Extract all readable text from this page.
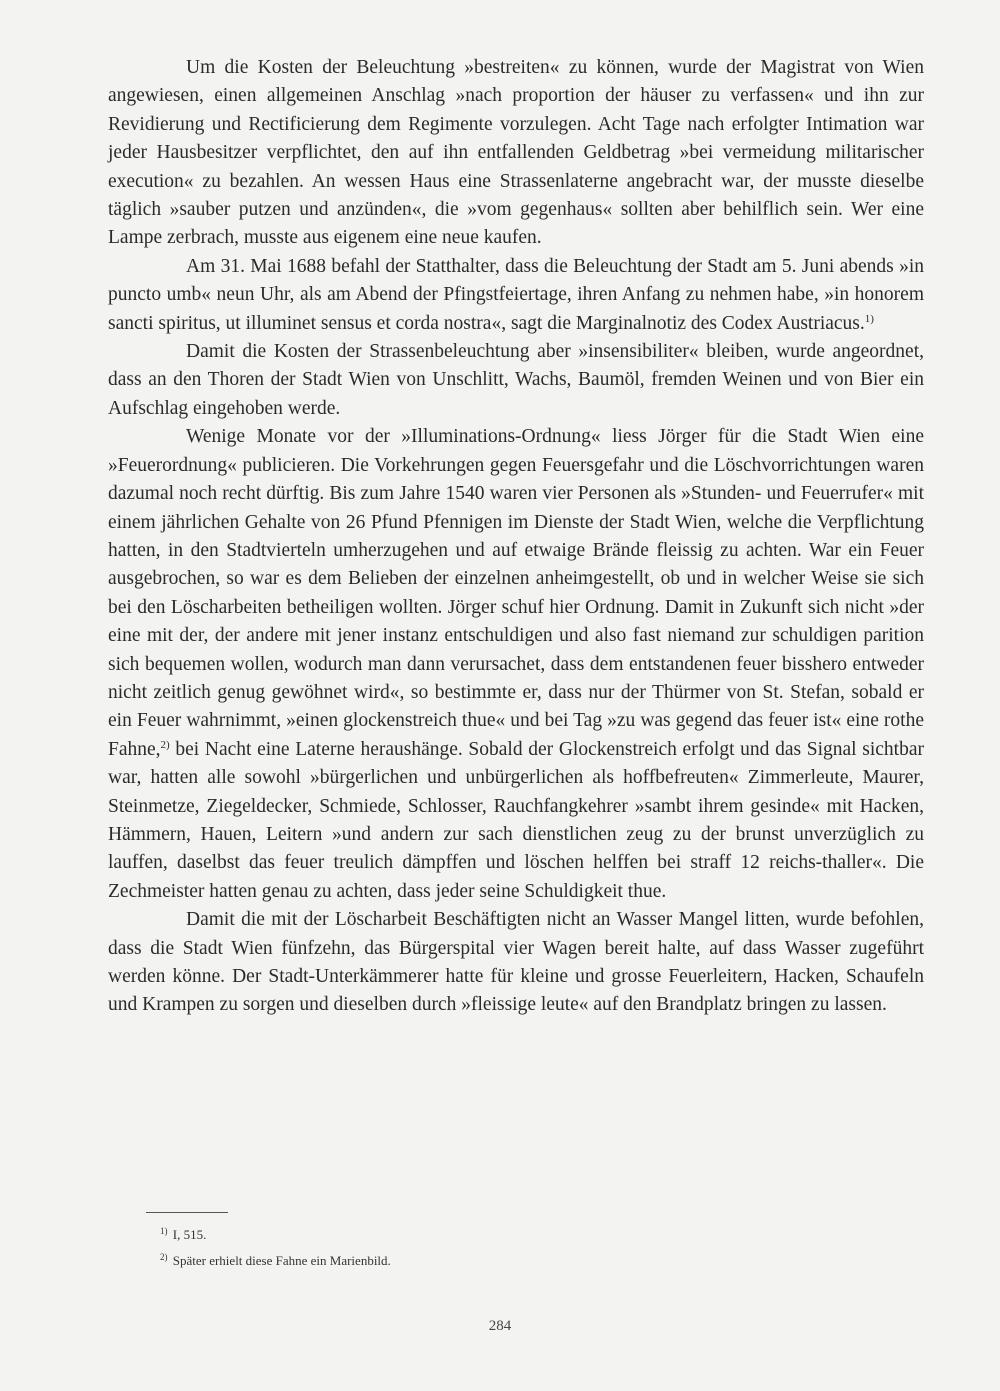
Um die Kosten der Beleuchtung »bestreiten« zu können, wurde der Magistrat von Wien angewiesen, einen allgemeinen Anschlag »nach proportion der häuser zu verfassen« und ihn zur Revidierung und Rectificierung dem Regimente vorzulegen. Acht Tage nach erfolgter Intimation war jeder Hausbesitzer verpflichtet, den auf ihn entfallenden Geldbetrag »bei vermeidung militarischer execution« zu bezahlen. An wessen Haus eine Strassenlaterne angebracht war, der musste dieselbe täglich »sauber putzen und anzünden«, die »vom gegenhaus« sollten aber behilflich sein. Wer eine Lampe zerbrach, musste aus eigenem eine neue kaufen.

Am 31. Mai 1688 befahl der Statthalter, dass die Beleuchtung der Stadt am 5. Juni abends »in puncto umb« neun Uhr, als am Abend der Pfingstfeiertage, ihren Anfang zu nehmen habe, »in honorem sancti spiritus, ut illuminet sensus et corda nostra«, sagt die Marginalnotiz des Codex Austriacus.$^{1)}$

Damit die Kosten der Strassenbeleuchtung aber »insensibiliter« bleiben, wurde angeordnet, dass an den Thoren der Stadt Wien von Unschlitt, Wachs, Baumöl, fremden Weinen und von Bier ein Aufschlag eingehoben werde.

Wenige Monate vor der »Illuminations-Ordnung« liess Jörger für die Stadt Wien eine »Feuerordnung« publicieren. Die Vorkehrungen gegen Feuersgefahr und die Löschvorrichtungen waren dazumal noch recht dürftig. Bis zum Jahre 1540 waren vier Personen als »Stunden- und Feuerrufer« mit einem jährlichen Gehalte von 26 Pfund Pfennigen im Dienste der Stadt Wien, welche die Verpflichtung hatten, in den Stadtvierteln umherzugehen und auf etwaige Brände fleissig zu achten. War ein Feuer ausgebrochen, so war es dem Belieben der einzelnen anheimgestellt, ob und in welcher Weise sie sich bei den Löscharbeiten betheiligen wollten. Jörger schuf hier Ordnung. Damit in Zukunft sich nicht »der eine mit der, der andere mit jener instanz entschuldigen und also fast niemand zur schuldigen parition sich bequemen wollen, wodurch man dann verursachet, dass dem entstandenen feuer bisshero entweder nicht zeitlich genug gewöhnet wird«, so bestimmte er, dass nur der Thürmer von St. Stefan, sobald er ein Feuer wahrnimmt, »einen glockenstreich thue« und bei Tag »zu was gegend das feuer ist« eine rothe Fahne,$^{2)}$ bei Nacht eine Laterne heraushänge. Sobald der Glockenstreich erfolgt und das Signal sichtbar war, hatten alle sowohl »bürgerlichen und unbürgerlichen als hoffbefreuten« Zimmerleute, Maurer, Steinmetze, Ziegeldecker, Schmiede, Schlosser, Rauchfangkehrer »sambt ihrem gesinde« mit Hacken, Hämmern, Hauen, Leitern »und andern zur sach dienstlichen zeug zu der brunst unverzüglich zu lauffen, daselbst das feuer treulich dämpffen und löschen helffen bei straff 12 reichs-thaller«. Die Zechmeister hatten genau zu achten, dass jeder seine Schuldigkeit thue.

Damit die mit der Löscharbeit Beschäftigten nicht an Wasser Mangel litten, wurde befohlen, dass die Stadt Wien fünfzehn, das Bürgerspital vier Wagen bereit halte, auf dass Wasser zugeführt werden könne. Der Stadt-Unterkämmerer hatte für kleine und grosse Feuerleitern, Hacken, Schaufeln und Krampen zu sorgen und dieselben durch »fleissige leute« auf den Brandplatz bringen zu lassen.

$^{1)}$ I, 515.
$^{2)}$ Später erhielt diese Fahne ein Marienbild.
284
